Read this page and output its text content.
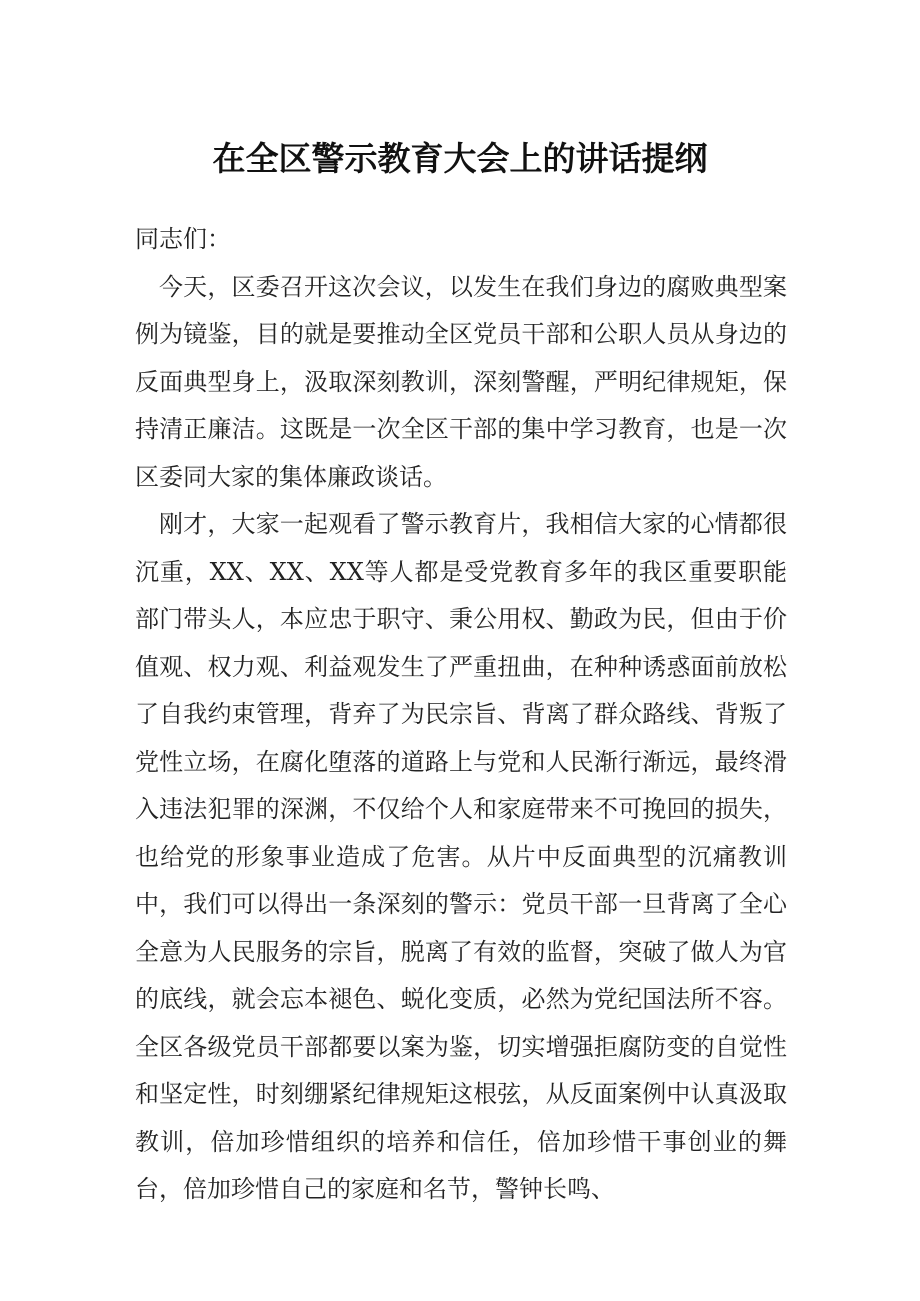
在全区警示教育大会上的讲话提纲

同志们：

今天，区委召开这次会议，以发生在我们身边的腐败典型案例为镜鉴，目的就是要推动全区党员干部和公职人员从身边的反面典型身上，汲取深刻教训，深刻警醒，严明纪律规矩，保持清正廉洁。这既是一次全区干部的集中学习教育，也是一次区委同大家的集体廉政谈话。

刚才，大家一起观看了警示教育片，我相信大家的心情都很沉重，XX、XX、XX等人都是受党教育多年的我区重要职能部门带头人，本应忠于职守、秉公用权、勤政为民，但由于价值观、权力观、利益观发生了严重扭曲，在种种诱惑面前放松了自我约束管理，背弃了为民宗旨、背离了群众路线、背叛了党性立场，在腐化堕落的道路上与党和人民渐行渐远，最终滑入违法犯罪的深渊，不仅给个人和家庭带来不可挽回的损失，也给党的形象事业造成了危害。从片中反面典型的沉痛教训中，我们可以得出一条深刻的警示：党员干部一旦背离了全心全意为人民服务的宗旨，脱离了有效的监督，突破了做人为官的底线，就会忘本褪色、蜕化变质，必然为党纪国法所不容。全区各级党员干部都要以案为鉴，切实增强拒腐防变的自觉性和坚定性，时刻绷紧纪律规矩这根弦，从反面案例中认真汲取教训，倍加珍惜组织的培养和信任，倍加珍惜干事创业的舞台，倍加珍惜自己的家庭和名节，警钟长鸣、
